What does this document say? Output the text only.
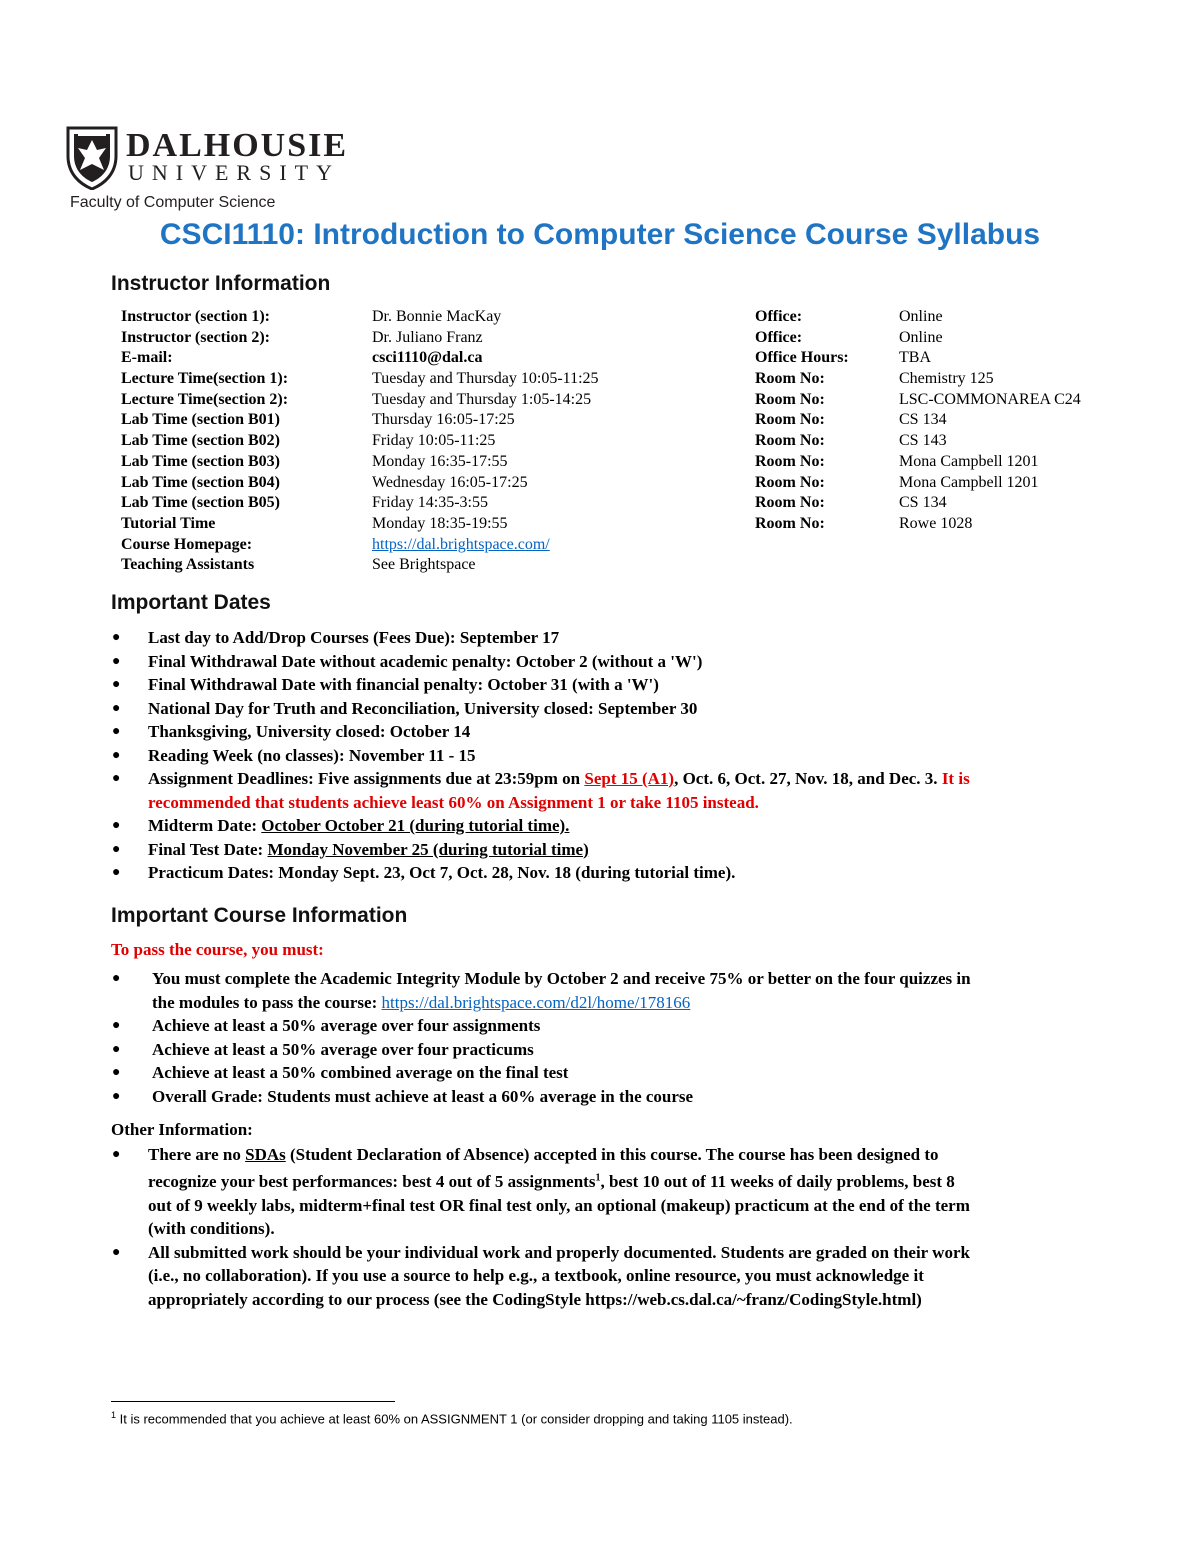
DALHOUSIE
UNIVERSITY
Faculty of Computer Science
CSCI1110: Introduction to Computer Science Course Syllabus
Instructor Information
Instructor (section 1):	Dr. Bonnie MacKay	Office:	Online
Instructor (section 2):	Dr. Juliano Franz	Office:	Online
E-mail:	csci1110@dal.ca	Office Hours:	TBA
Lecture Time(section 1):	Tuesday and Thursday 10:05-11:25	Room No:	Chemistry 125
Lecture Time(section 2):	Tuesday and Thursday 1:05-14:25	Room No:	LSC-COMMONAREA C24
Lab Time (section B01)	Thursday 16:05-17:25	Room No:	CS 134
Lab Time (section B02)	Friday 10:05-11:25	Room No:	CS 143
Lab Time (section B03)	Monday 16:35-17:55	Room No:	Mona Campbell 1201
Lab Time (section B04)	Wednesday 16:05-17:25	Room No:	Mona Campbell 1201
Lab Time (section B05)	Friday 14:35-3:55	Room No:	CS 134
Tutorial Time	Monday 18:35-19:55	Room No:	Rowe 1028
Course Homepage:	https://dal.brightspace.com/
Teaching Assistants	See Brightspace
Important Dates
● Last day to Add/Drop Courses (Fees Due): September 17
● Final Withdrawal Date without academic penalty: October 2 (without a 'W')
● Final Withdrawal Date with financial penalty: October 31 (with a 'W')
● National Day for Truth and Reconciliation, University closed: September 30
● Thanksgiving, University closed: October 14
● Reading Week (no classes): November 11 - 15
● Assignment Deadlines: Five assignments due at 23:59pm on Sept 15 (A1), Oct. 6, Oct. 27, Nov. 18, and Dec. 3. It is
recommended that students achieve least 60% on Assignment 1 or take 1105 instead.
● Midterm Date: October October 21 (during tutorial time).
● Final Test Date: Monday November 25 (during tutorial time)
● Practicum Dates: Monday Sept. 23, Oct 7, Oct. 28, Nov. 18 (during tutorial time).
Important Course Information
To pass the course, you must:
● You must complete the Academic Integrity Module by October 2 and receive 75% or better on the four quizzes in
the modules to pass the course: https://dal.brightspace.com/d2l/home/178166
● Achieve at least a 50% average over four assignments
● Achieve at least a 50% average over four practicums
● Achieve at least a 50% combined average on the final test
● Overall Grade: Students must achieve at least a 60% average in the course
Other Information:
● There are no SDAs (Student Declaration of Absence) accepted in this course. The course has been designed to
recognize your best performances: best 4 out of 5 assignments$^1$, best 10 out of 11 weeks of daily problems, best 8
out of 9 weekly labs, midterm+final test OR final test only, an optional (makeup) practicum at the end of the term
(with conditions).
● All submitted work should be your individual work and properly documented. Students are graded on their work
(i.e., no collaboration). If you use a source to help e.g., a textbook, online resource, you must acknowledge it
appropriately according to our process (see the CodingStyle https://web.cs.dal.ca/~franz/CodingStyle.html)
$^1$ It is recommended that you achieve at least 60% on ASSIGNMENT 1 (or consider dropping and taking 1105 instead).
